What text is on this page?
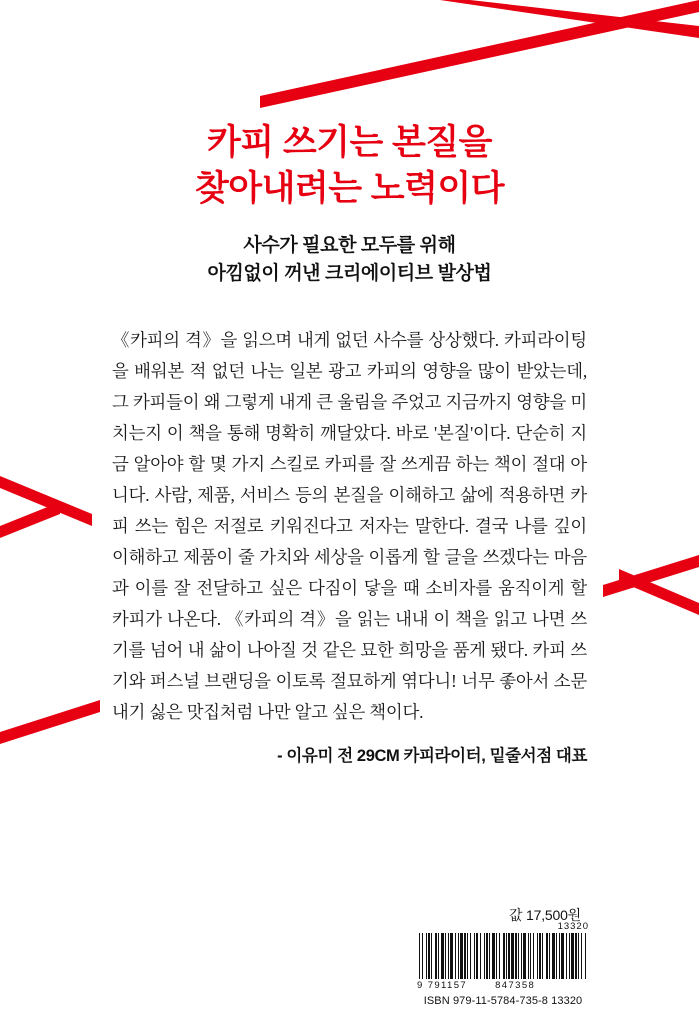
카피 쓰기는 본질을
찾아내려는 노력이다
사수가 필요한 모두를 위해
아낌없이 꺼낸 크리에이티브 발상법

《카피의 격》을 읽으며 내게 없던 사수를 상상했다. 카피라이팅을 배워본 적 없던 나는 일본 광고 카피의 영향을 많이 받았는데, 그 카피들이 왜 그렇게 내게 큰 울림을 주었고 지금까지 영향을 미치는지 이 책을 통해 명확히 깨달았다. 바로 '본질'이다. 단순히 지금 알아야 할 몇 가지 스킬로 카피를 잘 쓰게끔 하는 책이 절대 아니다. 사람, 제품, 서비스 등의 본질을 이해하고 삶에 적용하면 카피 쓰는 힘은 저절로 키워진다고 저자는 말한다. 결국 나를 깊이 이해하고 제품이 줄 가치와 세상을 이롭게 할 글을 쓰겠다는 마음과 이를 잘 전달하고 싶은 다짐이 닿을 때 소비자를 움직이게 할 카피가 나온다. 《카피의 격》을 읽는 내내 이 책을 읽고 나면 쓰기를 넘어 내 삶이 나아질 것 같은 묘한 희망을 품게 됐다. 카피 쓰기와 퍼스널 브랜딩을 이토록 절묘하게 엮다니! 너무 좋아서 소문내기 싫은 맛집처럼 나만 알고 싶은 책이다.

- 이유미 전 29CM 카피라이터, 밑줄서점 대표

값 17,500원
13320
9 791157	847358
ISBN 979-11-5784-735-8 13320
